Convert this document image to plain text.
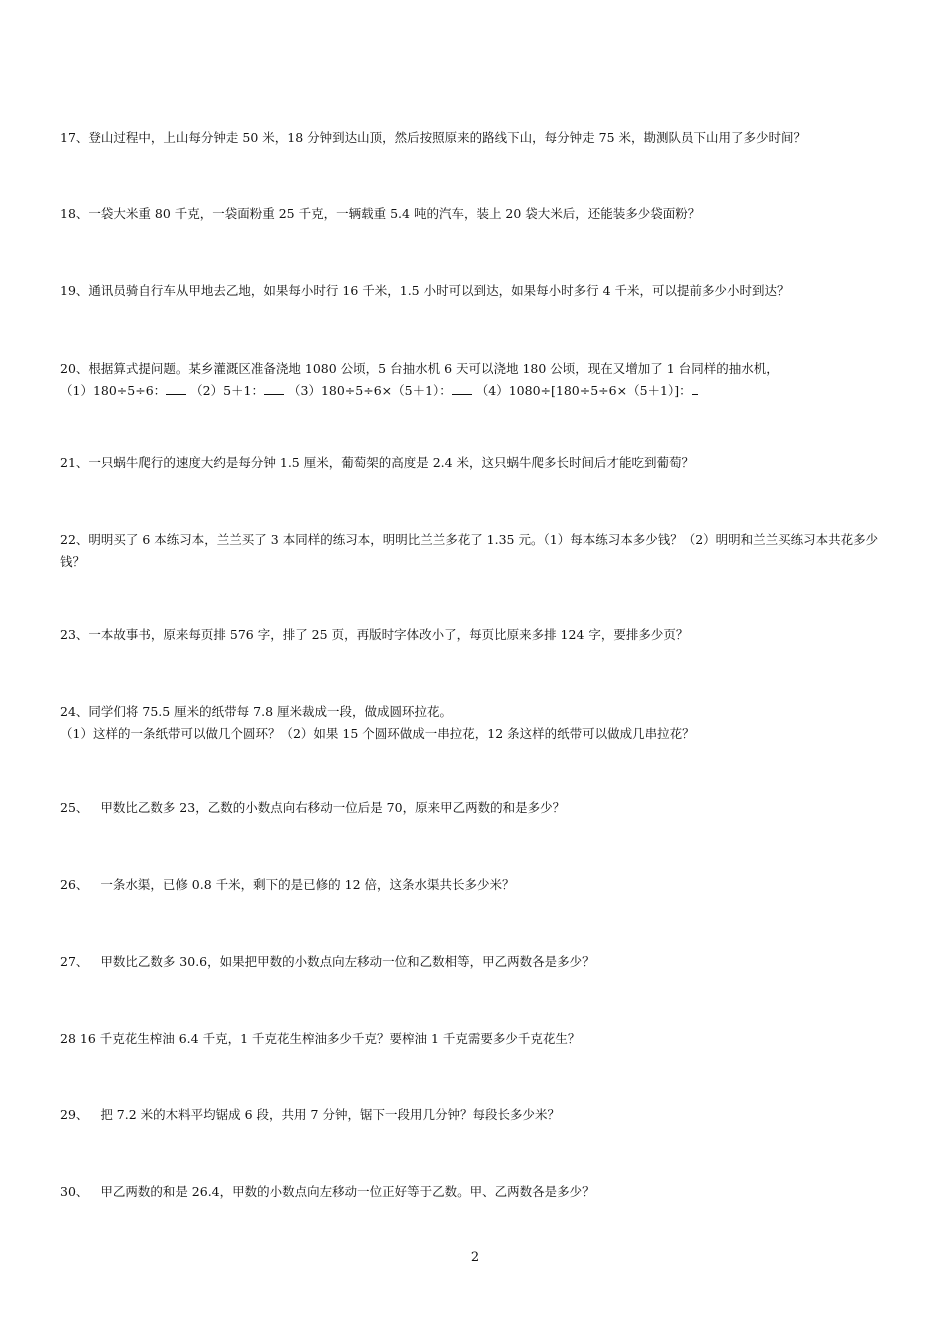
17、登山过程中，上山每分钟走 50 米，18 分钟到达山顶，然后按照原来的路线下山，每分钟走 75 米，勘测队员下山用了多少时间？
18、一袋大米重 80 千克，一袋面粉重 25 千克，一辆载重 5.4 吨的汽车，装上 20 袋大米后，还能装多少袋面粉？
19、通讯员骑自行车从甲地去乙地，如果每小时行 16 千米，1.5 小时可以到达，如果每小时多行 4 千米，可以提前多少小时到达？
20、根据算式提问题。某乡灌溉区准备浇地 1080 公顷，5 台抽水机 6 天可以浇地 180 公顷，现在又增加了 1 台同样的抽水机，
（1）180÷5÷6： （2）5＋1： （3）180÷5÷6×（5＋1）： （4）1080÷[180÷5÷6×（5＋1）]：
21、一只蜗牛爬行的速度大约是每分钟 1.5 厘米，葡萄架的高度是 2.4 米，这只蜗牛爬多长时间后才能吃到葡萄？
22、明明买了 6 本练习本，兰兰买了 3 本同样的练习本，明明比兰兰多花了 1.35 元。（1）每本练习本多少钱？（2）明明和兰兰买练习本共花多少钱？
23、一本故事书，原来每页排 576 字，排了 25 页，再版时字体改小了，每页比原来多排 124 字，要排多少页？
24、同学们将 75.5 厘米的纸带每 7.8 厘米裁成一段，做成圆环拉花。
（1）这样的一条纸带可以做几个圆环？（2）如果 15 个圆环做成一串拉花，12 条这样的纸带可以做成几串拉花？
25、   甲数比乙数多 23，乙数的小数点向右移动一位后是 70，原来甲乙两数的和是多少？
26、   一条水渠，已修 0.8 千米，剩下的是已修的 12 倍，这条水渠共长多少米？
27、   甲数比乙数多 30.6，如果把甲数的小数点向左移动一位和乙数相等，甲乙两数各是多少？
28 16 千克花生榨油 6.4 千克，1 千克花生榨油多少千克？要榨油 1 千克需要多少千克花生？
29、   把 7.2 米的木料平均锯成 6 段，共用 7 分钟，锯下一段用几分钟？每段长多少米？
30、   甲乙两数的和是 26.4，甲数的小数点向左移动一位正好等于乙数。甲、乙两数各是多少？
2
